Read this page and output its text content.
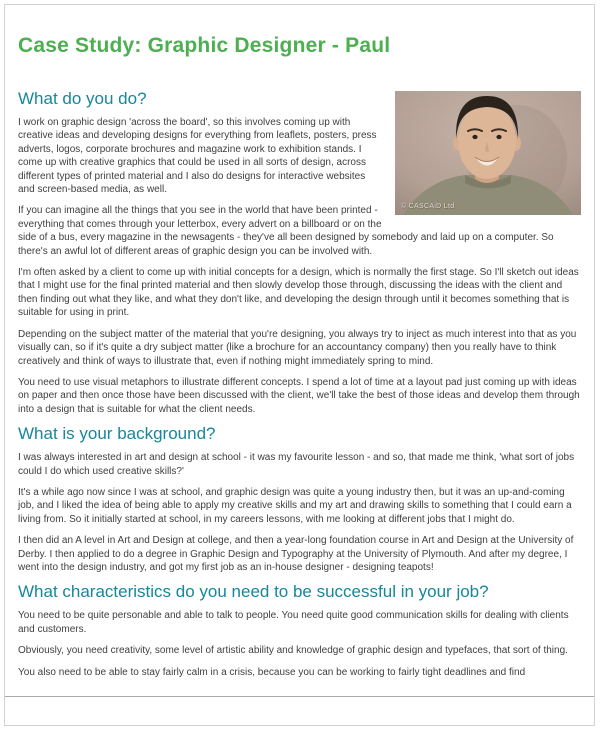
Case Study: Graphic Designer - Paul
© CASCAiD Ltd
What do you do?

I work on graphic design 'across the board', so this involves coming up with creative ideas and developing designs for everything from leaflets, posters, press adverts, logos, corporate brochures and magazine work to exhibition stands. I come up with creative graphics that could be used in all sorts of design, across different types of printed material and I also do designs for interactive websites and screen-based media, as well.

If you can imagine all the things that you see in the world that have been printed - everything that comes through your letterbox, every advert on a billboard or on the side of a bus, every magazine in the newsagents - they've all been designed by somebody and laid up on a computer. So there's an awful lot of different areas of graphic design you can be involved with.

I'm often asked by a client to come up with initial concepts for a design, which is normally the first stage. So I'll sketch out ideas that I might use for the final printed material and then slowly develop those through, discussing the ideas with the client and then finding out what they like, and what they don't like, and developing the design through until it becomes something that is suitable for using in print.

Depending on the subject matter of the material that you're designing, you always try to inject as much interest into that as you visually can, so if it's quite a dry subject matter (like a brochure for an accountancy company) then you really have to think creatively and think of ways to illustrate that, even if nothing might immediately spring to mind.

You need to use visual metaphors to illustrate different concepts. I spend a lot of time at a layout pad just coming up with ideas on paper and then once those have been discussed with the client, we'll take the best of those ideas and develop them through into a design that is suitable for what the client needs.

What is your background?

I was always interested in art and design at school - it was my favourite lesson - and so, that made me think, 'what sort of jobs could I do which used creative skills?'

It's a while ago now since I was at school, and graphic design was quite a young industry then, but it was an up-and-coming job, and I liked the idea of being able to apply my creative skills and my art and drawing skills to something that I could earn a living from. So it initially started at school, in my careers lessons, with me looking at different jobs that I might do.

I then did an A level in Art and Design at college, and then a year-long foundation course in Art and Design at the University of Derby. I then applied to do a degree in Graphic Design and Typography at the University of Plymouth. And after my degree, I went into the design industry, and got my first job as an in-house designer - designing teapots!

What characteristics do you need to be successful in your job?

You need to be quite personable and able to talk to people. You need quite good communication skills for dealing with clients and customers.

Obviously, you need creativity, some level of artistic ability and knowledge of graphic design and typefaces, that sort of thing.

You also need to be able to stay fairly calm in a crisis, because you can be working to fairly tight deadlines and find
